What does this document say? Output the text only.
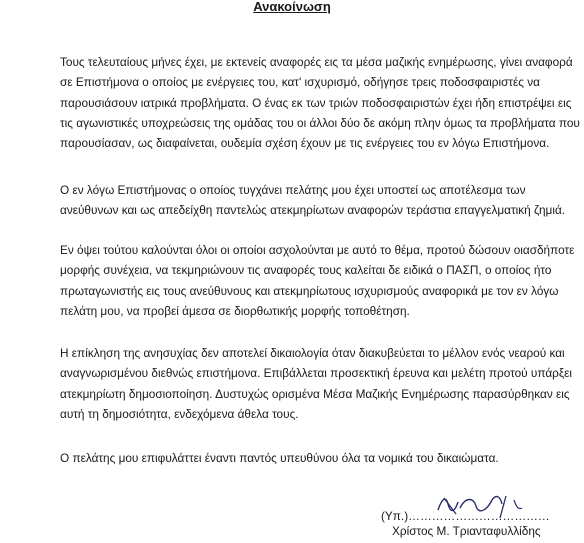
Ανακοίνωση

Τους τελευταίους μήνες έχει, με εκτενείς αναφορές εις τα μέσα μαζικής ενημέρωσης, γίνει αναφορά σε Επιστήμονα ο οποίος με ενέργειες του, κατ' ισχυρισμό, οδήγησε τρεις ποδοσφαιριστές να παρουσιάσουν ιατρικά προβλήματα. Ο ένας εκ των τριών ποδοσφαιριστών έχει ήδη επιστρέψει εις τις αγωνιστικές υποχρεώσεις της ομάδας του οι άλλοι δύο δε ακόμη πλην όμως τα προβλήματα που παρουσίασαν, ως διαφαίνεται, ουδεμία σχέση έχουν με τις ενέργειες του εν λόγω Επιστήμονα.

Ο εν λόγω Επιστήμονας ο οποίος τυγχάνει πελάτης μου έχει υποστεί ως αποτέλεσμα των ανεύθυνων και ως απεδείχθη παντελώς ατεκμηρίωτων αναφορών τεράστια επαγγελματική ζημιά.

Εν όψει τούτου καλούνται όλοι οι οποίοι ασχολούνται με αυτό το θέμα, προτού δώσουν οιασδήποτε μορφής συνέχεια, να τεκμηριώνουν τις αναφορές τους καλείται δε ειδικά ο ΠΑΣΠ, ο οποίος ήτο πρωταγωνιστής εις τους ανεύθυνους και ατεκμηρίωτους ισχυρισμούς αναφορικά με τον εν λόγω πελάτη μου, να προβεί άμεσα σε διορθωτικής μορφής τοποθέτηση.

Η επίκληση της ανησυχίας δεν αποτελεί δικαιολογία όταν διακυβεύεται το μέλλον ενός νεαρού και αναγνωρισμένου διεθνώς επιστήμονα. Επιβάλλεται προσεκτική έρευνα και μελέτη προτού υπάρξει ατεκμηρίωτη δημοσιοποίηση. Δυστυχώς ορισμένα Μέσα Μαζικής Ενημέρωσης παρασύρθηκαν εις αυτή τη δημοσιότητα, ενδεχόμενα άθελα τους.

Ο πελάτης μου επιφυλάττει έναντι παντός υπευθύνου όλα τα νομικά του δικαιώματα.

(Υπ.)………………………………
Χρίστος Μ. Τριανταφυλλίδης
